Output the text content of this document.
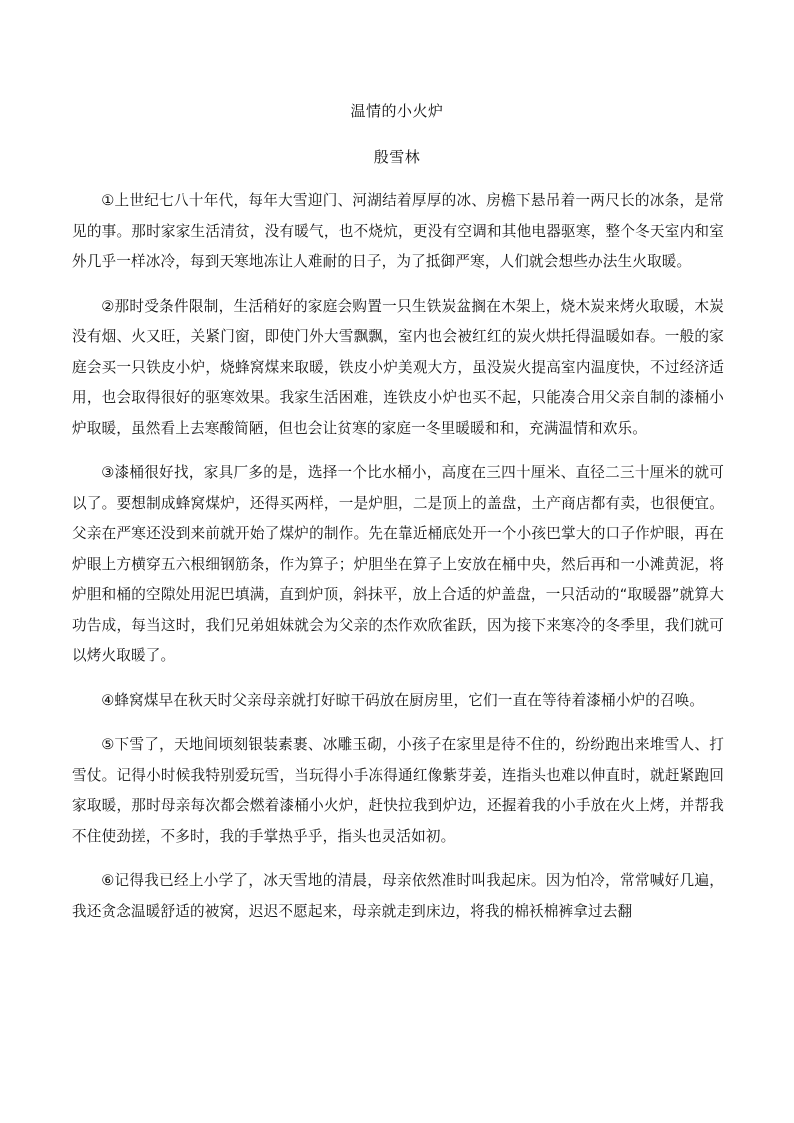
温情的小火炉
殷雪林

①上世纪七八十年代，每年大雪迎门、河湖结着厚厚的冰、房檐下悬吊着一两尺长的冰条，是常见的事。那时家家生活清贫，没有暖气，也不烧炕，更没有空调和其他电器驱寒，整个冬天室内和室外几乎一样冰冷，每到天寒地冻让人难耐的日子，为了抵御严寒，人们就会想些办法生火取暖。

②那时受条件限制，生活稍好的家庭会购置一只生铁炭盆搁在木架上，烧木炭来烤火取暖，木炭没有烟、火又旺，关紧门窗，即使门外大雪飘飘，室内也会被红红的炭火烘托得温暖如春。一般的家庭会买一只铁皮小炉，烧蜂窝煤来取暖，铁皮小炉美观大方，虽没炭火提高室内温度快，不过经济适用，也会取得很好的驱寒效果。我家生活困难，连铁皮小炉也买不起，只能凑合用父亲自制的漆桶小炉取暖，虽然看上去寒酸简陋，但也会让贫寒的家庭一冬里暖暖和和，充满温情和欢乐。

③漆桶很好找，家具厂多的是，选择一个比水桶小，高度在三四十厘米、直径二三十厘米的就可以了。要想制成蜂窝煤炉，还得买两样，一是炉胆，二是顶上的盖盘，土产商店都有卖，也很便宜。父亲在严寒还没到来前就开始了煤炉的制作。先在靠近桶底处开一个小孩巴掌大的口子作炉眼，再在炉眼上方横穿五六根细钢筋条，作为算子；炉胆坐在算子上安放在桶中央，然后再和一小滩黄泥，将炉胆和桶的空隙处用泥巴填满，直到炉顶，斜抹平，放上合适的炉盖盘，一只活动的“取暖器”就算大功告成，每当这时，我们兄弟姐妹就会为父亲的杰作欢欣雀跃，因为接下来寒冷的冬季里，我们就可以烤火取暖了。

④蜂窝煤早在秋天时父亲母亲就打好晾干码放在厨房里，它们一直在等待着漆桶小炉的召唤。

⑤下雪了，天地间顷刻银装素裹、冰雕玉砌，小孩子在家里是待不住的，纷纷跑出来堆雪人、打雪仗。记得小时候我特别爱玩雪，当玩得小手冻得通红像紫芽姜，连指头也难以伸直时，就赶紧跑回家取暖，那时母亲每次都会燃着漆桶小火炉，赶快拉我到炉边，还握着我的小手放在火上烤，并帮我不住使劲搓，不多时，我的手掌热乎乎，指头也灵活如初。

⑥记得我已经上小学了，冰天雪地的清晨，母亲依然准时叫我起床。因为怕冷，常常喊好几遍，我还贪念温暖舒适的被窝，迟迟不愿起来，母亲就走到床边，将我的棉袄棉裤拿过去翻
